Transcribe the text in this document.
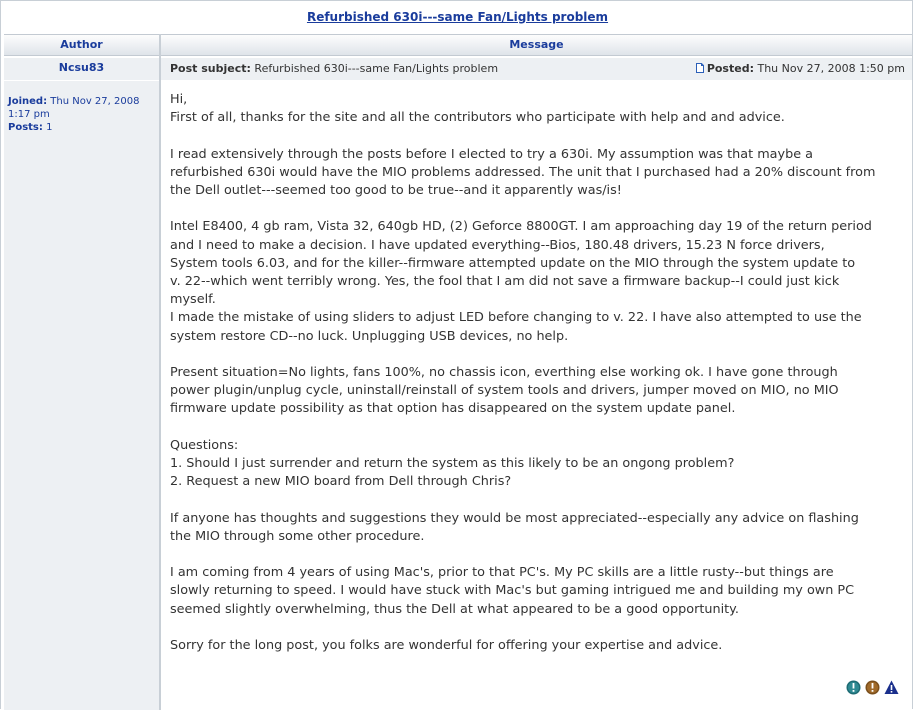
Refurbished 630i---same Fan/Lights problem
Author	Message
Ncsu83	Post subject: Refurbished 630i---same Fan/Lights problem	Posted: Thu Nov 27, 2008 1:50 pm
Joined: Thu Nov 27, 2008 1:17 pm
Posts: 1

Hi,

First of all, thanks for the site and all the contributors who participate with help and and advice.

I read extensively through the posts before I elected to try a 630i. My assumption was that maybe a

refurbished 630i would have the MIO problems addressed. The unit that I purchased had a 20% discount from

the Dell outlet---seemed too good to be true--and it apparently was/is!

Intel E8400, 4 gb ram, Vista 32, 640gb HD, (2) Geforce 8800GT. I am approaching day 19 of the return period

and I need to make a decision. I have updated everything--Bios, 180.48 drivers, 15.23 N force drivers,

System tools 6.03, and for the killer--firmware attempted update on the MIO through the system update to

v. 22--which went terribly wrong. Yes, the fool that I am did not save a firmware backup--I could just kick

myself.

I made the mistake of using sliders to adjust LED before changing to v. 22. I have also attempted to use the

system restore CD--no luck. Unplugging USB devices, no help.

Present situation=No lights, fans 100%, no chassis icon, everthing else working ok. I have gone through

power plugin/unplug cycle, uninstall/reinstall of system tools and drivers, jumper moved on MIO, no MIO

firmware update possibility as that option has disappeared on the system update panel.

Questions:

1. Should I just surrender and return the system as this likely to be an ongong problem?

2. Request a new MIO board from Dell through Chris?

If anyone has thoughts and suggestions they would be most appreciated--especially any advice on flashing

the MIO through some other procedure.

I am coming from 4 years of using Mac's, prior to that PC's. My PC skills are a little rusty--but things are

slowly returning to speed. I would have stuck with Mac's but gaming intrigued me and building my own PC

seemed slightly overwhelming, thus the Dell at what appeared to be a good opportunity.

Sorry for the long post, you folks are wonderful for offering your expertise and advice.
